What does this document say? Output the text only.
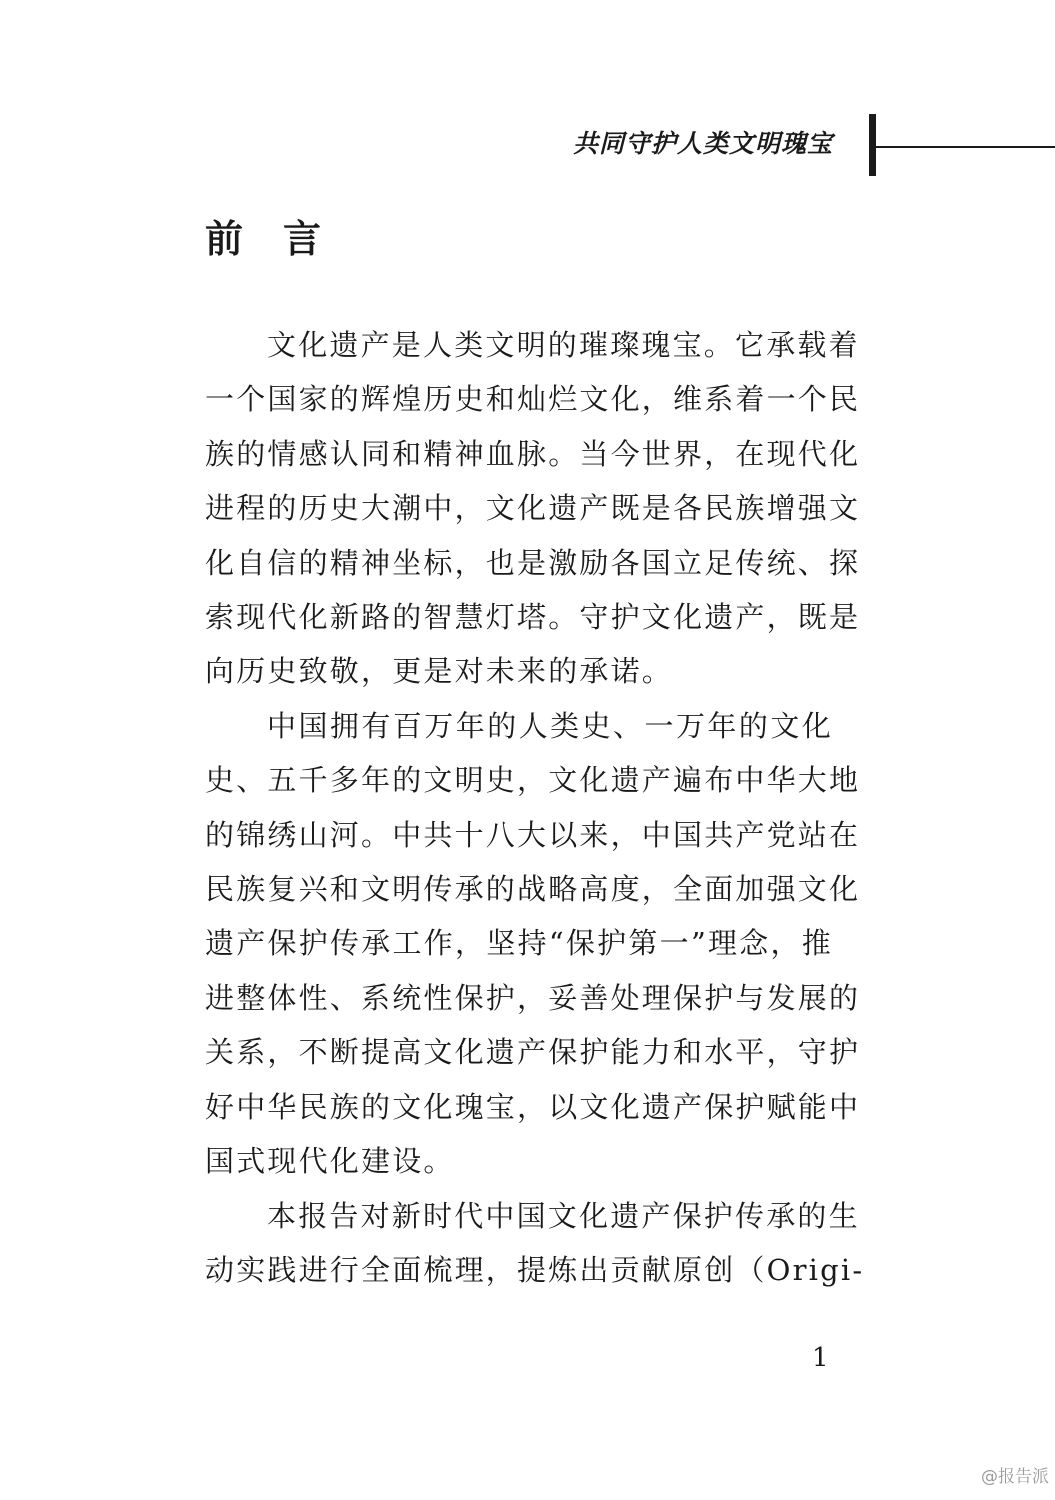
共同守护人类文明瑰宝
前言

文化遗产是人类文明的璀璨瑰宝。它承载着
一个国家的辉煌历史和灿烂文化，维系着一个民
族的情感认同和精神血脉。当今世界，在现代化
进程的历史大潮中，文化遗产既是各民族增强文
化自信的精神坐标，也是激励各国立足传统、探
索现代化新路的智慧灯塔。守护文化遗产，既是
向历史致敬，更是对未来的承诺。

中国拥有百万年的人类史、一万年的文化
史、五千多年的文明史，文化遗产遍布中华大地
的锦绣山河。中共十八大以来，中国共产党站在
民族复兴和文明传承的战略高度，全面加强文化
遗产保护传承工作，坚持“保护第一”理念，推
进整体性、系统性保护，妥善处理保护与发展的
关系，不断提高文化遗产保护能力和水平，守护
好中华民族的文化瑰宝，以文化遗产保护赋能中
国式现代化建设。

本报告对新时代中国文化遗产保护传承的生
动实践进行全面梳理，提炼出贡献原创（Origi-

1
@报告派
